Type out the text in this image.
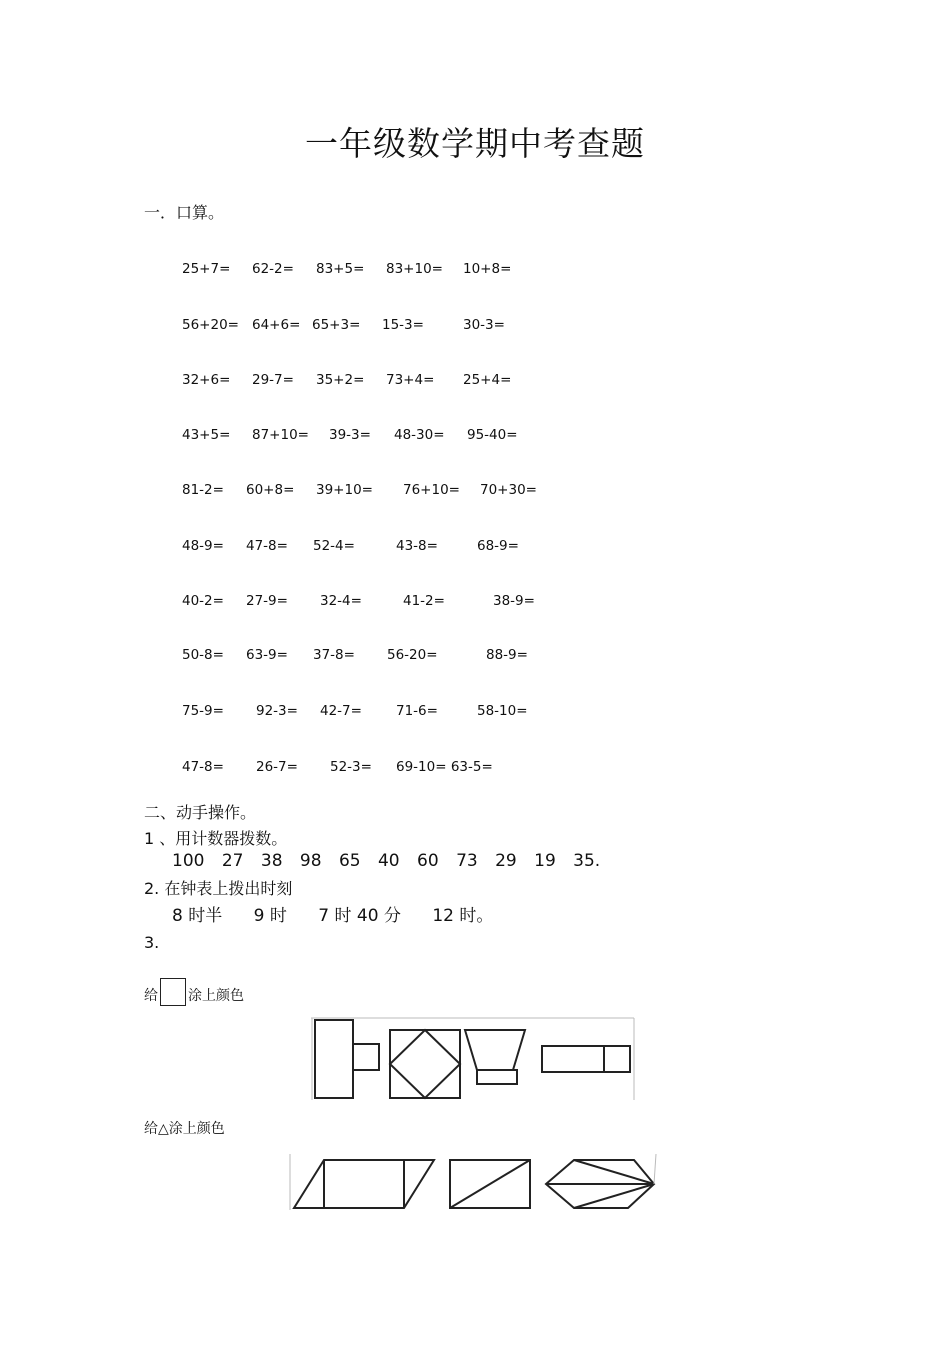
一年级数学期中考查题
一．口算。
25+7= 62-2= 83+5= 83+10= 10+8=
56+20= 64+6= 65+3= 15-3=	30-3=
32+6= 29-7= 35+2= 73+4= 25+4=
43+5= 87+10= 39-3= 48-30= 95-40=
81-2= 60+8= 39+10= 76+10= 70+30=
48-9= 47-8= 52-4=	43-8=	68-9=
40-2= 27-9= 32-4=	41-2=	38-9=
50-8= 63-9= 37-8= 56-20=	88-9=
75-9= 92-3= 42-7=	71-6=	58-10=
47-8= 26-7= 52-3= 69-10= 63-5=
二、动手操作。
1 、用计数器拨数。
100 27 38 98 65 40 60 73 29 19 35.
2. 在钟表上拨出时刻
8 时半 9 时 7 时 40 分 12 时。
3.
给 涂上颜色
给△涂上颜色
